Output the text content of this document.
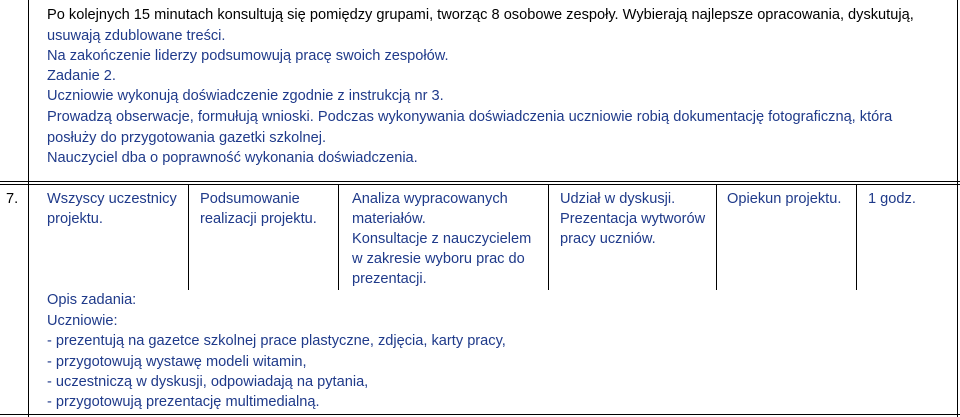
Po kolejnych 15 minutach konsultują się pomiędzy grupami, tworząc 8 osobowe zespoły. Wybierają najlepsze opracowania, dyskutują,
usuwają zdublowane treści.
Na zakończenie liderzy podsumowują pracę swoich zespołów.
Zadanie 2.
Uczniowie wykonują doświadczenie zgodnie z instrukcją nr 3.
Prowadzą obserwacje, formułują wnioski. Podczas wykonywania doświadczenia uczniowie robią dokumentację fotograficzną, która
posłuży do przygotowania gazetki szkolnej.
Nauczyciel dba o poprawność wykonania doświadczenia.
7. Wszyscy uczestnicy
projektu.
Podsumowanie
realizacji projektu.
Analiza wypracowanych
materiałów.
Konsultacje z nauczycielem
w zakresie wyboru prac do
prezentacji.
Udział w dyskusji.
Prezentacja wytworów
pracy uczniów.
Opiekun projektu. 1 godz.
Opis zadania:
Uczniowie:
- prezentują na gazetce szkolnej prace plastyczne, zdjęcia, karty pracy,
- przygotowują wystawę modeli witamin,
- uczestniczą w dyskusji, odpowiadają na pytania,
- przygotowują prezentację multimedialną.
